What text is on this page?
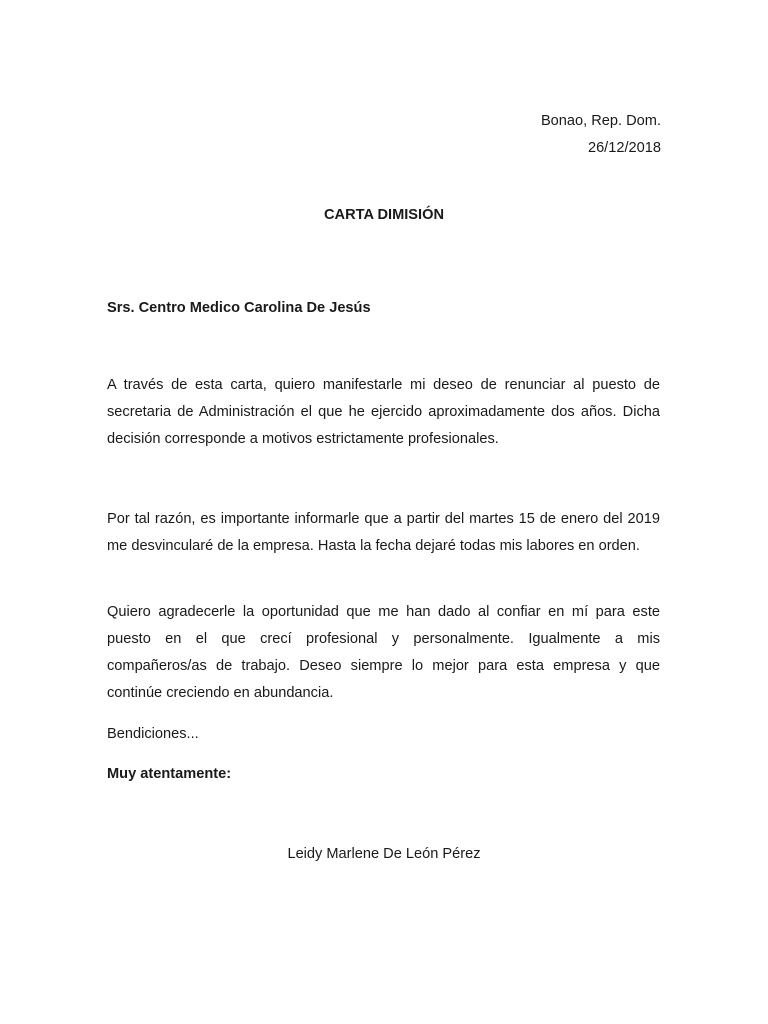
Bonao, Rep. Dom.
26/12/2018
CARTA DIMISIÓN
Srs. Centro Medico Carolina De Jesús

A través de esta carta, quiero manifestarle mi deseo de renunciar al puesto de secretaria de Administración el que he ejercido aproximadamente dos años. Dicha decisión corresponde a motivos estrictamente profesionales.

Por tal razón, es importante informarle que a partir del martes 15 de enero del 2019 me desvincularé de la empresa. Hasta la fecha dejaré todas mis labores en orden.

Quiero agradecerle la oportunidad que me han dado al confiar en mí para este puesto en el que crecí profesional y personalmente. Igualmente a mis compañeros/as de trabajo. Deseo siempre lo mejor para esta empresa y que continúe creciendo en abundancia.

Bendiciones...
Muy atentamente:
Leidy Marlene De León Pérez
